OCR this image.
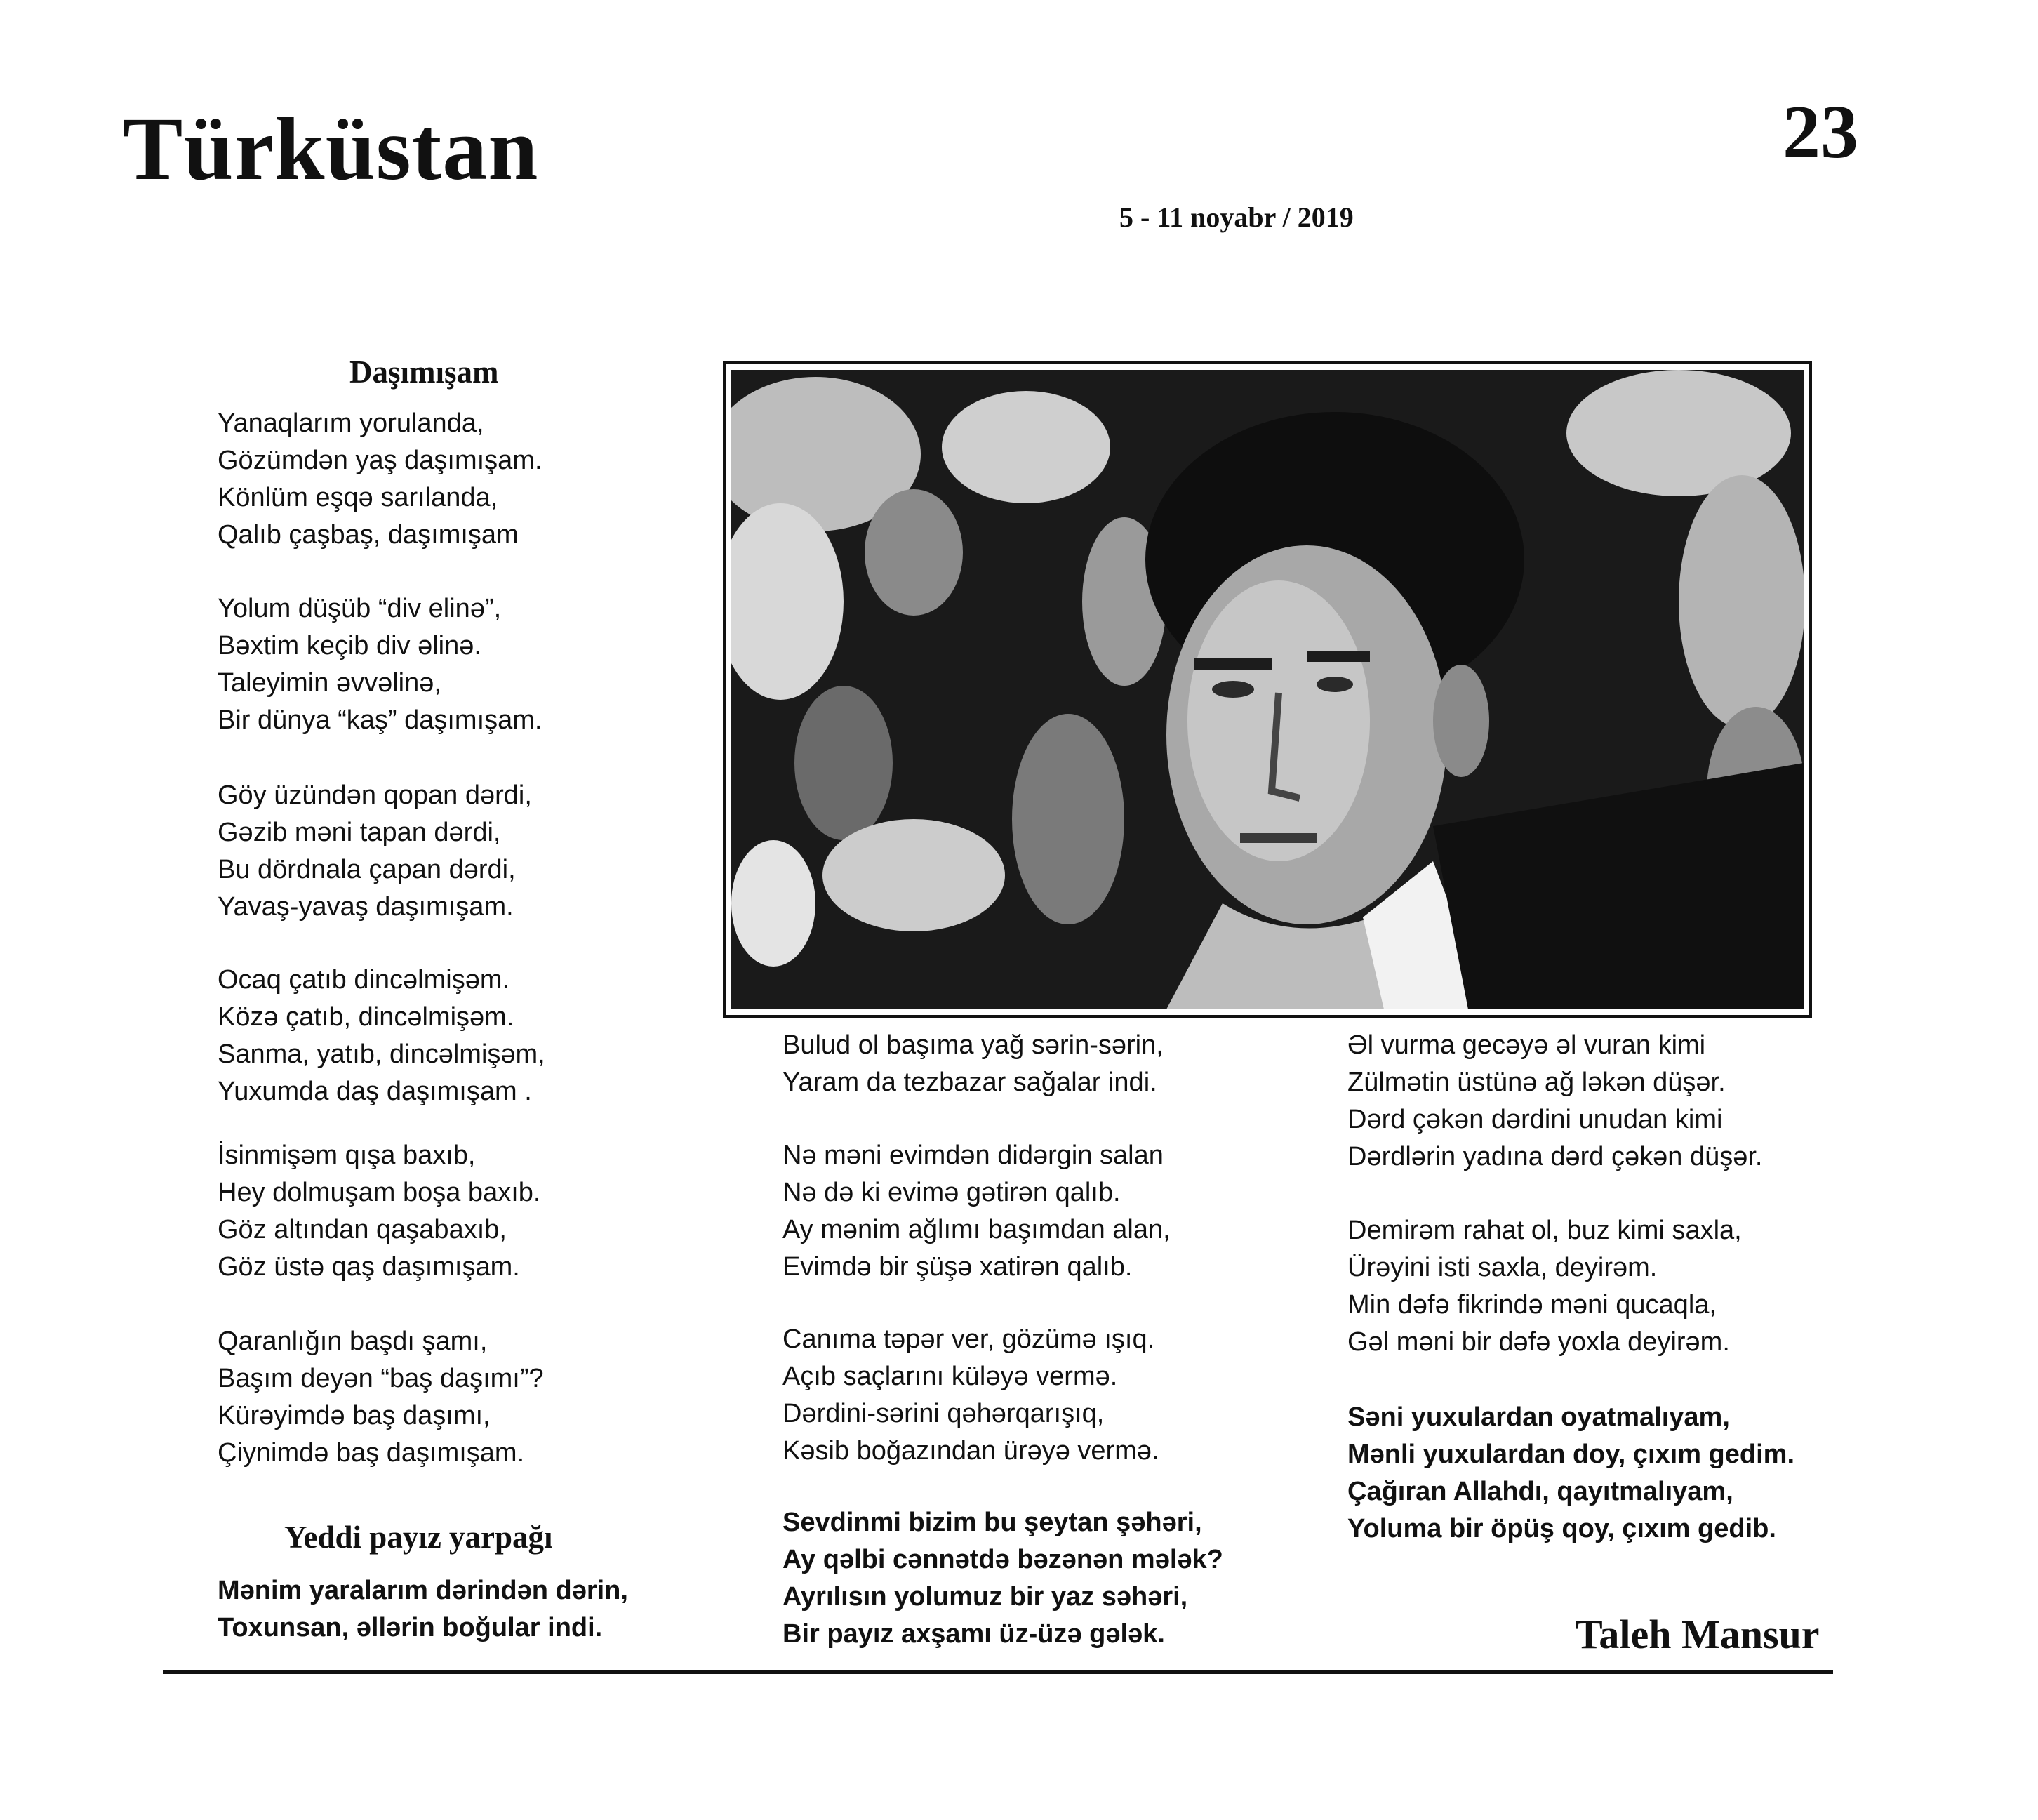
Türküstan	23
5 - 11 noyabr / 2019
Daşımışam
Yanaqlarım yorulanda,
Gözümdən yaş daşımışam.
Könlüm eşqə sarılanda,
Qalıb çaşbaş, daşımışam
Yolum düşüb “div elinə”,
Bəxtim keçib div əlinə.
Taleyimin əvvəlinə,
Bir dünya “kaş” daşımışam.
Göy üzündən qopan dərdi,
Gəzib məni tapan dərdi,
Bu dördnala çapan dərdi,
Yavaş-yavaş daşımışam.
Ocaq çatıb dincəlmişəm.
Közə çatıb, dincəlmişəm.
Sanma, yatıb, dincəlmişəm,
Yuxumda daş daşımışam .
İsinmişəm qışa baxıb,
Hey dolmuşam boşa baxıb.
Göz altından qaşabaxıb,
Göz üstə qaş daşımışam.
Qaranlığın başdı şamı,
Başım deyən “baş daşımı”?
Kürəyimdə baş daşımı,
Çiynimdə baş daşımışam.
Yeddi payız yarpağı
Mənim yaralarım dərindən dərin,
Toxunsan, əllərin boğular indi.
Bulud ol başıma yağ sərin-sərin,
Yaram da tezbazar sağalar indi.
Nə məni evimdən didərgin salan
Nə də ki evimə gətirən qalıb.
Ay mənim ağlımı başımdan alan,
Evimdə bir şüşə xatirən qalıb.
Canıma təpər ver, gözümə ışıq.
Açıb saçlarını küləyə vermə.
Dərdini-sərini qəhərqarışıq,
Kəsib boğazından ürəyə vermə.
Sevdinmi bizim bu şeytan şəhəri,
Ay qəlbi cənnətdə bəzənən mələk?
Ayrılısın yolumuz bir yaz səhəri,
Bir payız axşamı üz-üzə gələk.
Əl vurma gecəyə əl vuran kimi
Zülmətin üstünə ağ ləkən düşər.
Dərd çəkən dərdini unudan kimi
Dərdlərin yadına dərd çəkən düşər.
Demirəm rahat ol, buz kimi saxla,
Ürəyini isti saxla, deyirəm.
Min dəfə fikrində məni qucaqla,
Gəl məni bir dəfə yoxla deyirəm.
Səni yuxulardan oyatmalıyam,
Mənli yuxulardan doy, çıxım gedim.
Çağıran Allahdı, qayıtmalıyam,
Yoluma bir öpüş qoy, çıxım gedib.
Taleh Mansur
